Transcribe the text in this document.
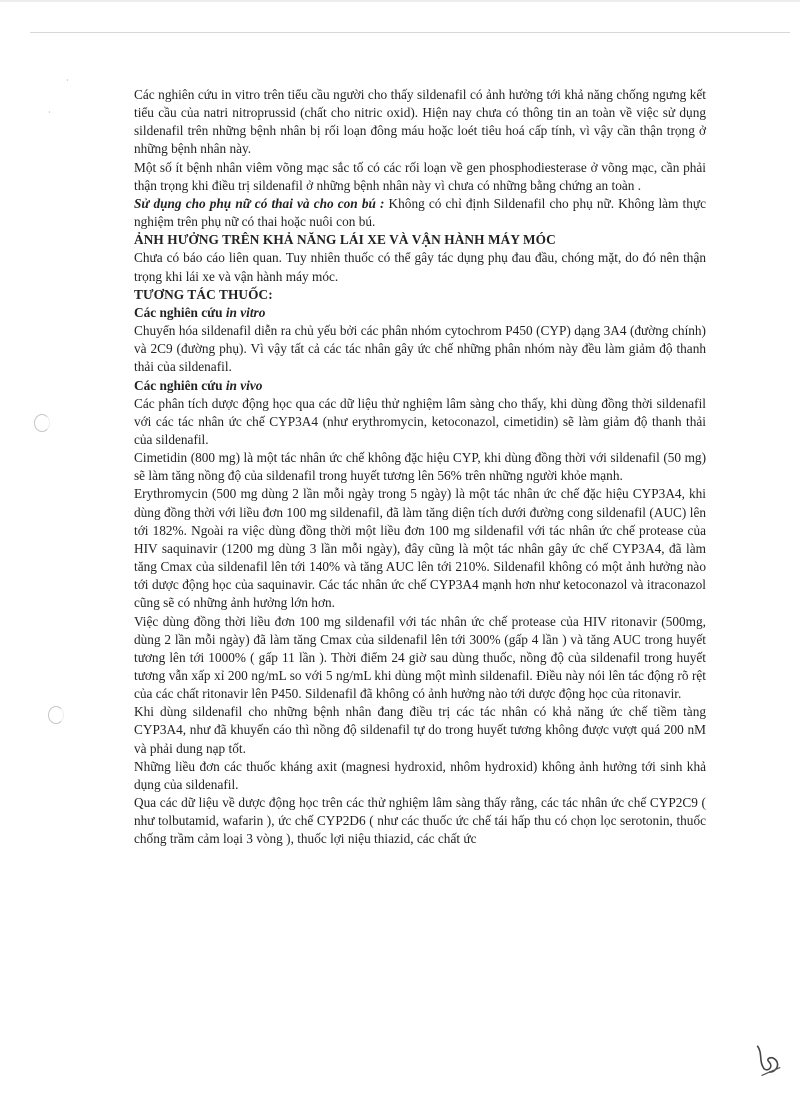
·
·

Các nghiên cứu in vitro trên tiểu cầu người cho thấy sildenafil có ảnh hưởng tới khả năng chống ngưng kết tiểu cầu của natri nitroprussid (chất cho nitric oxid). Hiện nay chưa có thông tin an toàn về việc sử dụng sildenafil trên những bệnh nhân bị rối loạn đông máu hoặc loét tiêu hoá cấp tính, vì vậy cần thận trọng ở những bệnh nhân này.

Một số ít bệnh nhân viêm võng mạc sắc tố có các rối loạn về gen phosphodiesterase ở võng mạc, cần phải thận trọng khi điều trị sildenafil ở những bệnh nhân này vì chưa có những bằng chứng an toàn .

Sử dụng cho phụ nữ có thai và cho con bú : Không có chỉ định Sildenafil cho phụ nữ. Không làm thực nghiệm trên phụ nữ có thai hoặc nuôi con bú.

ẢNH HƯỞNG TRÊN KHẢ NĂNG LÁI XE VÀ VẬN HÀNH MÁY MÓC

Chưa có báo cáo liên quan. Tuy nhiên thuốc có thể gây tác dụng phụ đau đầu, chóng mặt, do đó nên thận trọng khi lái xe và vận hành máy móc.

TƯƠNG TÁC THUỐC:

Các nghiên cứu in vitro

Chuyển hóa sildenafil diễn ra chủ yếu bởi các phân nhóm cytochrom P450 (CYP) dạng 3A4 (đường chính) và 2C9 (đường phụ). Vì vậy tất cả các tác nhân gây ức chế những phân nhóm này đều làm giảm độ thanh thải của sildenafil.

Các nghiên cứu in vivo

Các phân tích dược động học qua các dữ liệu thử nghiệm lâm sàng cho thấy, khi dùng đồng thời sildenafil với các tác nhân ức chế CYP3A4 (như erythromycin, ketoconazol, cimetidin) sẽ làm giảm độ thanh thải của sildenafil.

Cimetidin (800 mg) là một tác nhân ức chế không đặc hiệu CYP, khi dùng đồng thời với sildenafil (50 mg) sẽ làm tăng nồng độ của sildenafil trong huyết tương lên 56% trên những người khỏe mạnh.

Erythromycin (500 mg dùng 2 lần mỗi ngày trong 5 ngày) là một tác nhân ức chế đặc hiệu CYP3A4, khi dùng đồng thời với liều đơn 100 mg sildenafil, đã làm tăng diện tích dưới đường cong sildenafil (AUC) lên tới 182%. Ngoài ra việc dùng đồng thời một liều đơn 100 mg sildenafil với tác nhân ức chế protease của HIV saquinavir (1200 mg dùng 3 lần mỗi ngày), đây cũng là một tác nhân gây ức chế CYP3A4, đã làm tăng Cmax của sildenafil lên tới 140% và tăng AUC lên tới 210%. Sildenafil không có một ảnh hưởng nào tới dược động học của saquinavir. Các tác nhân ức chế CYP3A4 mạnh hơn như ketoconazol và itraconazol cũng sẽ có những ảnh hưởng lớn hơn.

Việc dùng đồng thời liều đơn 100 mg sildenafil với tác nhân ức chế protease của HIV ritonavir (500mg, dùng 2 lần mỗi ngày) đã làm tăng Cmax của sildenafil lên tới 300% (gấp 4 lần ) và tăng AUC trong huyết tương lên tới 1000% ( gấp 11 lần ). Thời điểm 24 giờ sau dùng thuốc, nồng độ của sildenafil trong huyết tương vẫn xấp xỉ 200 ng/mL so với 5 ng/mL khi dùng một mình sildenafil. Điều này nói lên tác động rõ rệt của các chất ritonavir lên P450. Sildenafil đã không có ảnh hưởng nào tới dược động học của ritonavir.

Khi dùng sildenafil cho những bệnh nhân đang điều trị các tác nhân có khả năng ức chế tiềm tàng CYP3A4, như đã khuyến cáo thì nồng độ sildenafil tự do trong huyết tương không được vượt quá 200 nM và phải dung nạp tốt.

Những liều đơn các thuốc kháng axit (magnesi hydroxid, nhôm hydroxid) không ảnh hưởng tới sinh khả dụng của sildenafil.

Qua các dữ liệu về dược động học trên các thử nghiệm lâm sàng thấy rằng, các tác nhân ức chế CYP2C9 ( như tolbutamid, wafarin ), ức chế CYP2D6 ( như các thuốc ức chế tái hấp thu có chọn lọc serotonin, thuốc chống trầm cảm loại 3 vòng ), thuốc lợi niệu thiazid, các chất ức
